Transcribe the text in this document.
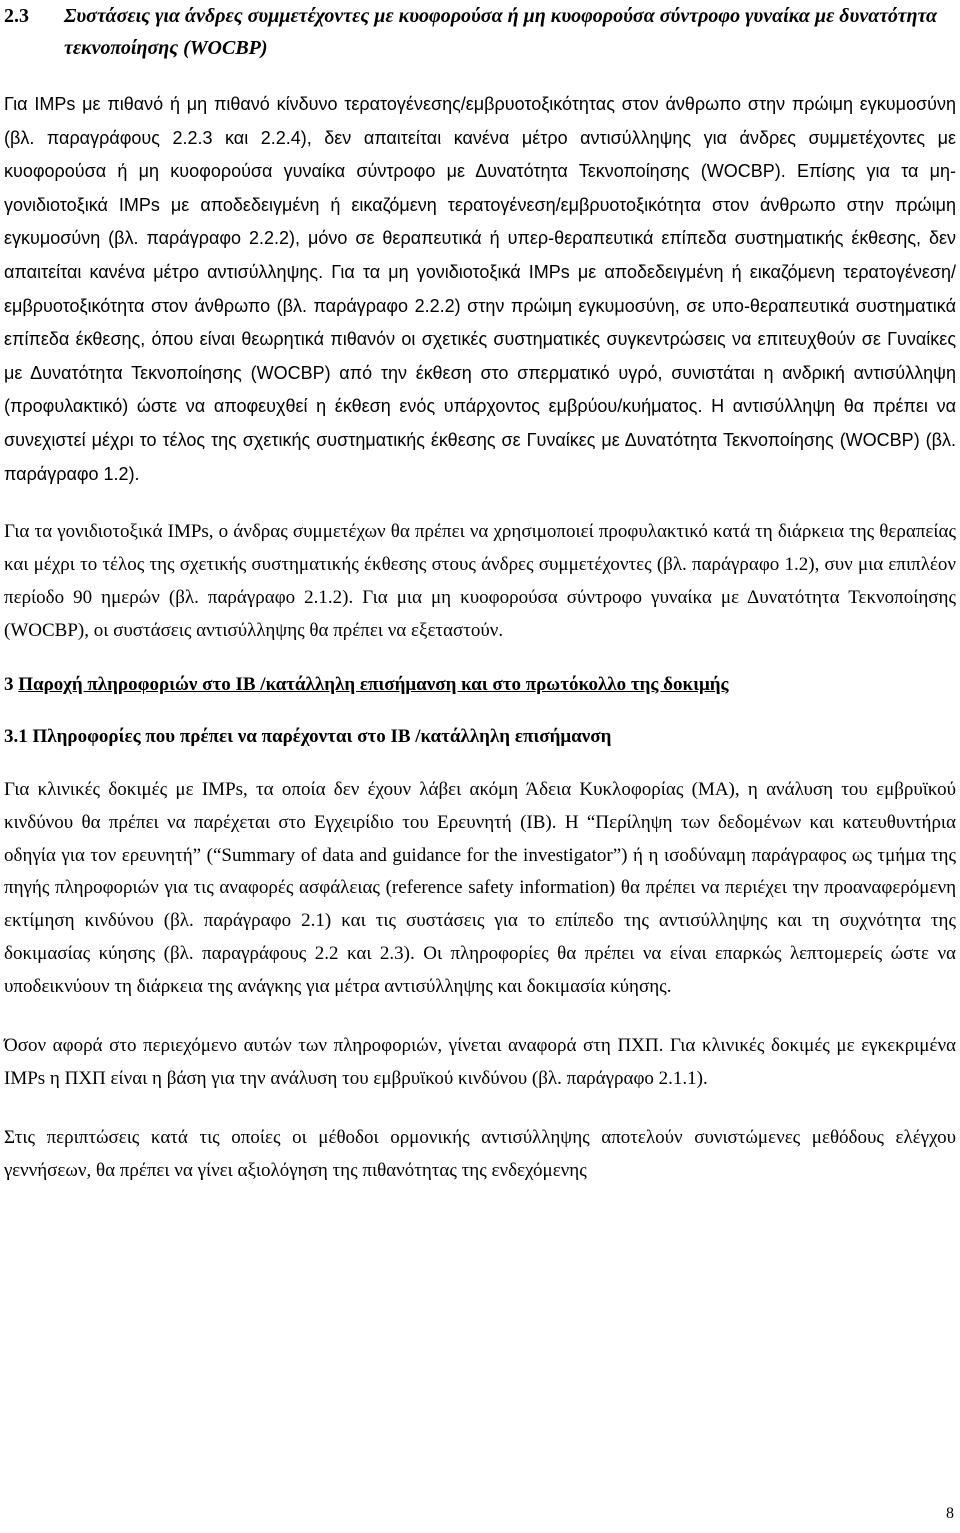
2.3	Συστάσεις για άνδρες συμμετέχοντες με κυοφορούσα ή μη κυοφορούσα σύντροφο γυναίκα με δυνατότητα τεκνοποίησης (WOCBP)

Για IMPs με πιθανό ή μη πιθανό κίνδυνο τερατογένεσης/εμβρυοτοξικότητας στον άνθρωπο στην πρώιμη εγκυμοσύνη (βλ. παραγράφους 2.2.3 και 2.2.4), δεν απαιτείται κανένα μέτρο αντισύλληψης για άνδρες συμμετέχοντες με κυοφορούσα ή μη κυοφορούσα γυναίκα σύντροφο με Δυνατότητα Τεκνοποίησης (WOCBP). Επίσης για τα μη-γονιδιοτοξικά IMPs με αποδεδειγμένη ή εικαζόμενη τερατογένεση/εμβρυοτοξικότητα στον άνθρωπο στην πρώιμη εγκυμοσύνη (βλ. παράγραφο 2.2.2), μόνο σε θεραπευτικά ή υπερ-θεραπευτικά επίπεδα συστηματικής έκθεσης, δεν απαιτείται κανένα μέτρο αντισύλληψης. Για τα μη γονιδιοτοξικά IMPs με αποδεδειγμένη ή εικαζόμενη τερατογένεση/εμβρυοτοξικότητα στον άνθρωπο (βλ. παράγραφο 2.2.2) στην πρώιμη εγκυμοσύνη, σε υπο-θεραπευτικά συστηματικά επίπεδα έκθεσης, όπου είναι θεωρητικά πιθανόν οι σχετικές συστηματικές συγκεντρώσεις να επιτευχθούν σε Γυναίκες με Δυνατότητα Τεκνοποίησης (WOCBP) από την έκθεση στο σπερματικό υγρό, συνιστάται η ανδρική αντισύλληψη (προφυλακτικό) ώστε να αποφευχθεί η έκθεση ενός υπάρχοντος εμβρύου/κυήματος. Η αντισύλληψη θα πρέπει να συνεχιστεί μέχρι το τέλος της σχετικής συστηματικής έκθεσης σε Γυναίκες με Δυνατότητα Τεκνοποίησης (WOCBP) (βλ. παράγραφο 1.2).

Για τα γονιδιοτοξικά IMPs, ο άνδρας συμμετέχων θα πρέπει να χρησιμοποιεί προφυλακτικό κατά τη διάρκεια της θεραπείας και μέχρι το τέλος της σχετικής συστηματικής έκθεσης στους άνδρες συμμετέχοντες (βλ. παράγραφο 1.2), συν μια επιπλέον περίοδο 90 ημερών (βλ. παράγραφο 2.1.2). Για μια μη κυοφορούσα σύντροφο γυναίκα με Δυνατότητα Τεκνοποίησης (WOCBP), οι συστάσεις αντισύλληψης θα πρέπει να εξεταστούν.

3 Παροχή πληροφοριών στο IB /κατάλληλη επισήμανση και στο πρωτόκολλο της δοκιμής
3.1 Πληροφορίες που πρέπει να παρέχονται στο IB /κατάλληλη επισήμανση

Για κλινικές δοκιμές με IMPs, τα οποία δεν έχουν λάβει ακόμη Άδεια Κυκλοφορίας (MA), η ανάλυση του εμβρυϊκού κινδύνου θα πρέπει να παρέχεται στο Εγχειρίδιο του Ερευνητή (IB). Η “Περίληψη των δεδομένων και κατευθυντήρια οδηγία για τον ερευνητή” (“Summary of data and guidance for the investigator”) ή η ισοδύναμη παράγραφος ως τμήμα της πηγής πληροφοριών για τις αναφορές ασφάλειας (reference safety information) θα πρέπει να περιέχει την προαναφερόμενη εκτίμηση κινδύνου (βλ. παράγραφο 2.1) και τις συστάσεις για το επίπεδο της αντισύλληψης και τη συχνότητα της δοκιμασίας κύησης (βλ. παραγράφους 2.2 και 2.3). Οι πληροφορίες θα πρέπει να είναι επαρκώς λεπτομερείς ώστε να υποδεικνύουν τη διάρκεια της ανάγκης για μέτρα αντισύλληψης και δοκιμασία κύησης.

Όσον αφορά στο περιεχόμενο αυτών των πληροφοριών, γίνεται αναφορά στη ΠΧΠ. Για κλινικές δοκιμές με εγκεκριμένα IMPs η ΠΧΠ είναι η βάση για την ανάλυση του εμβρυϊκού κινδύνου (βλ. παράγραφο 2.1.1).

Στις περιπτώσεις κατά τις οποίες οι μέθοδοι ορμονικής αντισύλληψης αποτελούν συνιστώμενες μεθόδους ελέγχου γεννήσεων, θα πρέπει να γίνει αξιολόγηση της πιθανότητας της ενδεχόμενης

8
